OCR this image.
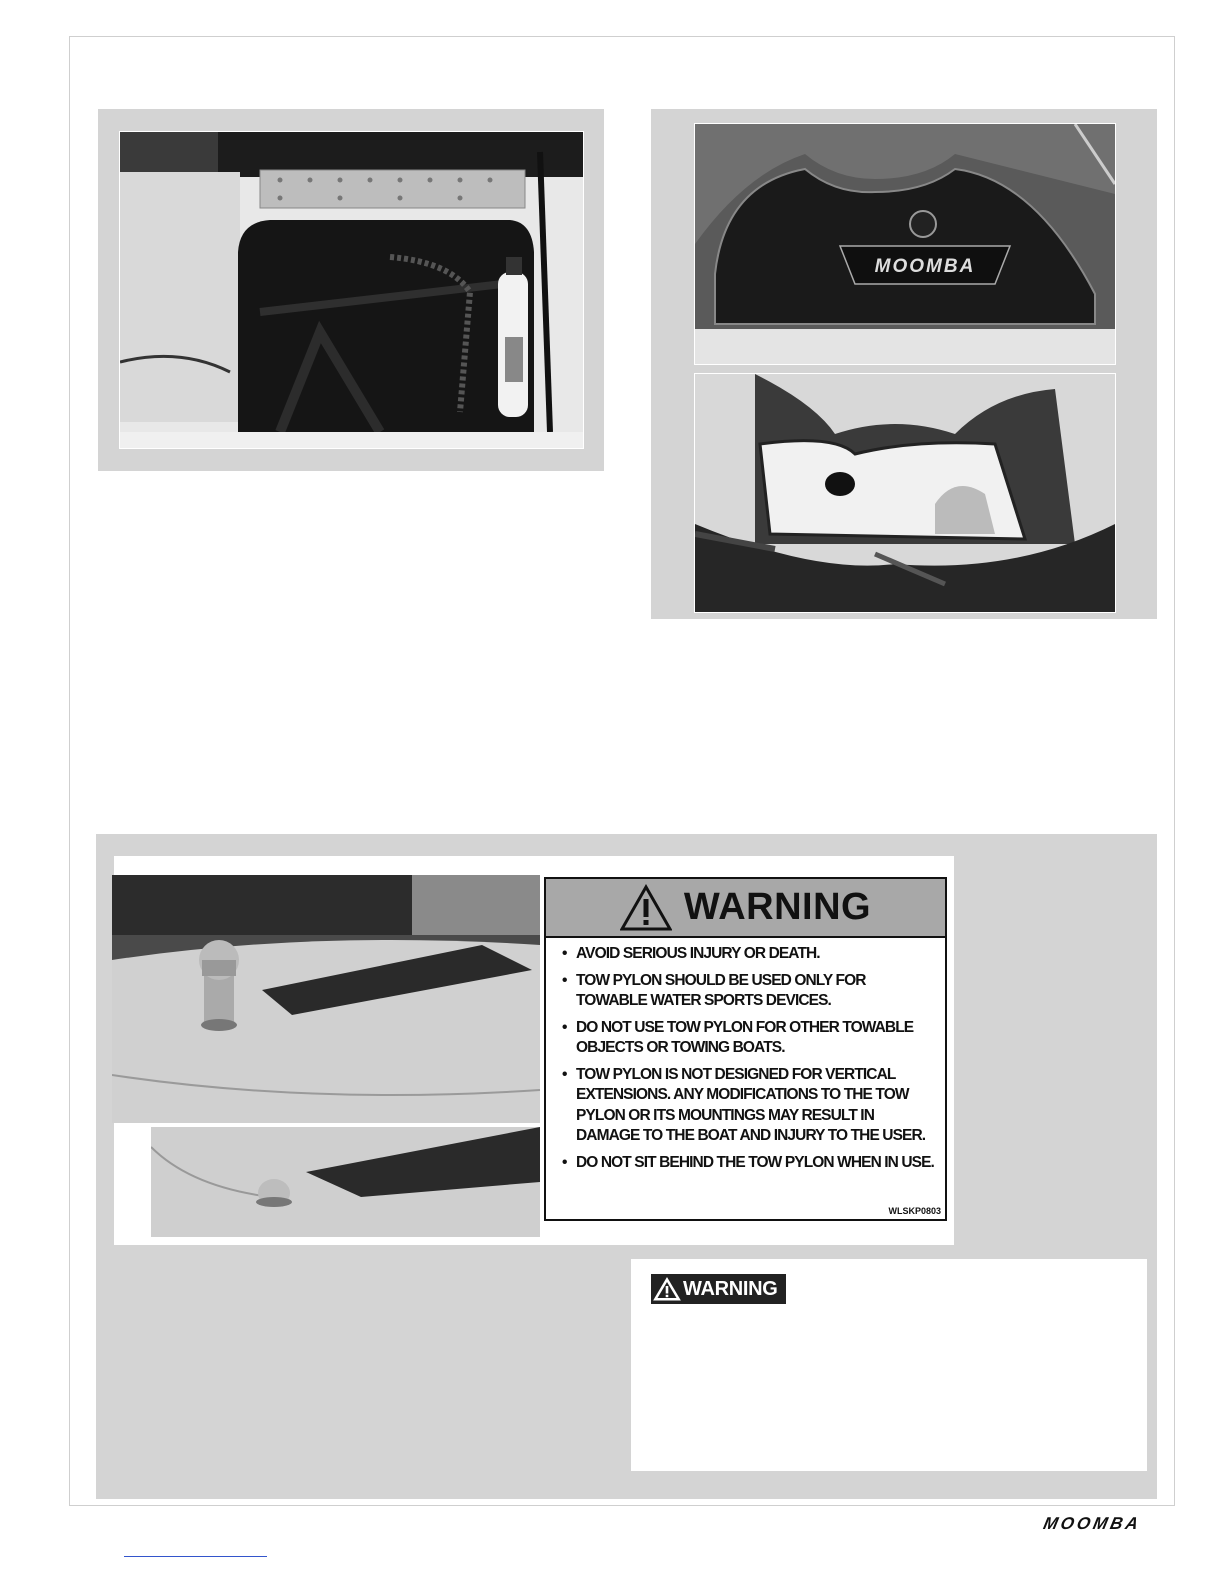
MOOMBA
WARNING
• AVOID SERIOUS INJURY OR DEATH.
• TOW PYLON SHOULD BE USED ONLY FOR TOWABLE WATER SPORTS DEVICES.
• DO NOT USE TOW PYLON FOR OTHER TOWABLE OBJECTS OR TOWING BOATS.
• TOW PYLON IS NOT DESIGNED FOR VERTICAL EXTENSIONS. ANY MODIFICATIONS TO THE TOW PYLON OR ITS MOUNTINGS MAY RESULT IN DAMAGE TO THE BOAT AND INJURY TO THE USER.
• DO NOT SIT BEHIND THE TOW PYLON WHEN IN USE.
WLSKP0803
WARNING
MOOMBA
